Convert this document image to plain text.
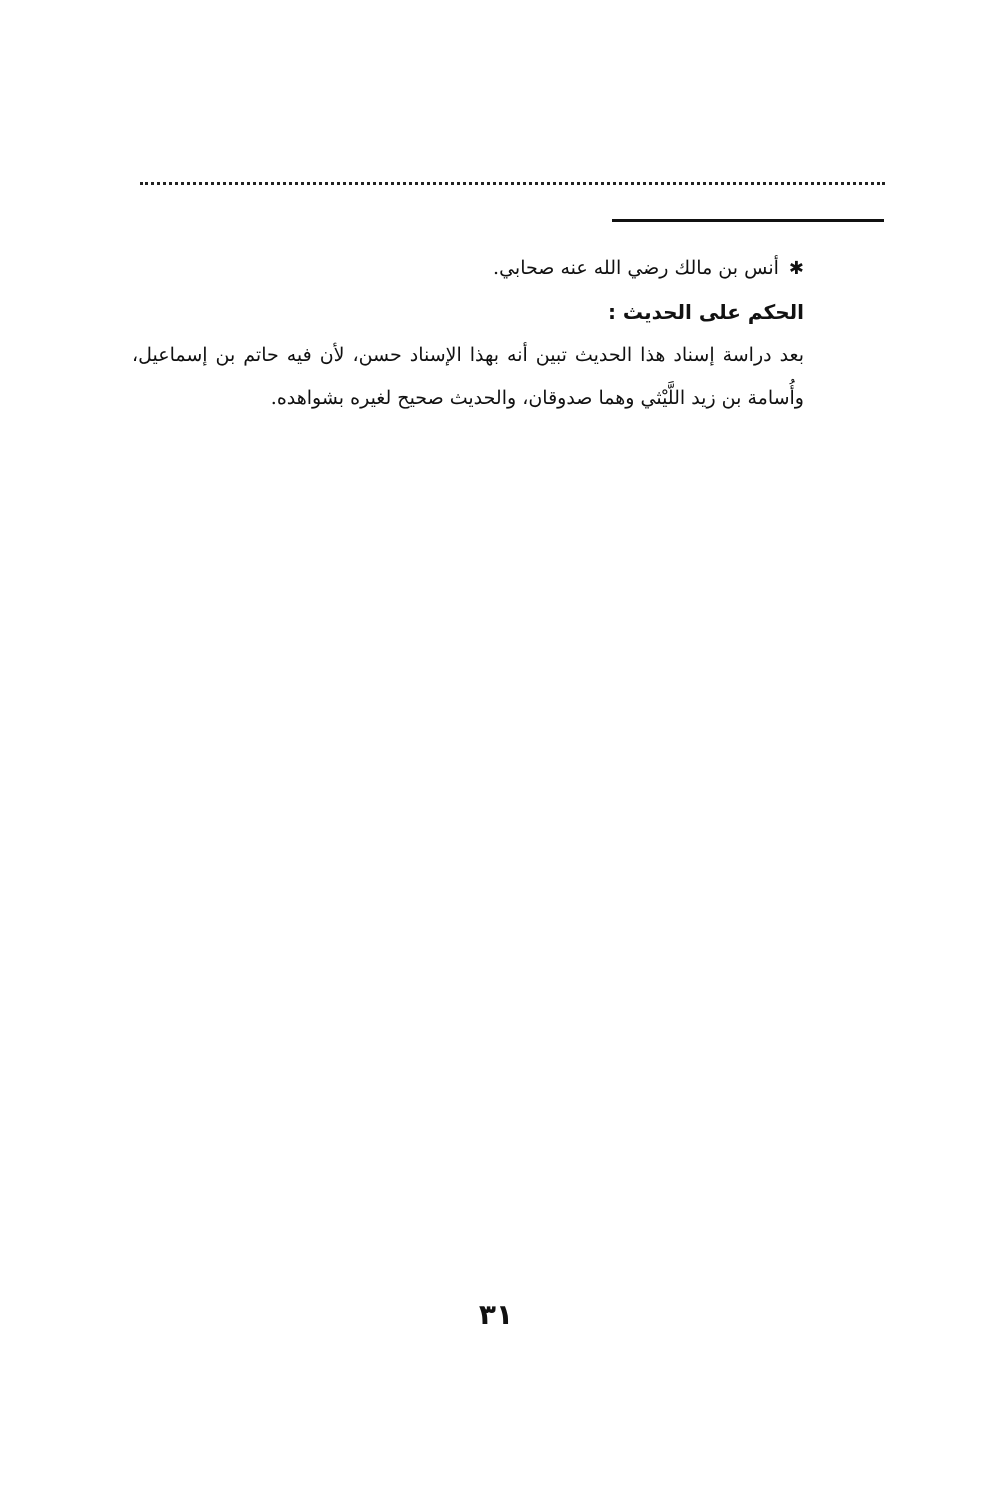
✱أنس بن مالك رضي الله عنه صحابي.

الحكم على الحديث :

بعد دراسة إسناد هذا الحديث تبين أنه بهذا الإسناد حسن، لأن فيه حاتم بن إسماعيل، وأُسامة بن زيد اللَّيْثي وهما صدوقان، والحديث صحيح لغيره بشواهده.

٣١
